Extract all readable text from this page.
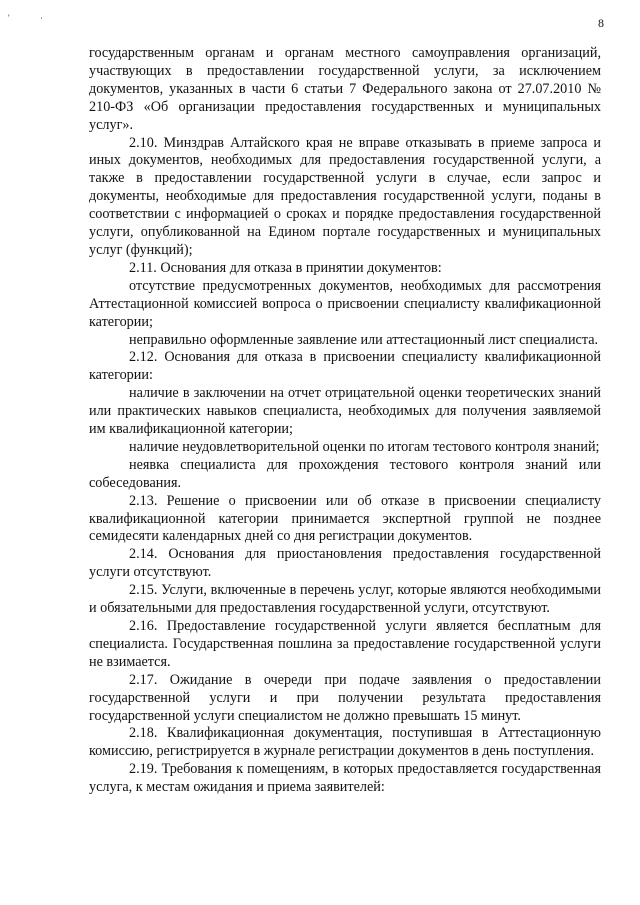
'	·	8

государственным органам и органам местного самоуправления организаций, участвующих в предоставлении государственной услуги, за исключением документов, указанных в части 6 статьи 7 Федерального закона от 27.07.2010 № 210-ФЗ «Об организации предоставления государственных и муниципальных услуг».

2.10. Минздрав Алтайского края не вправе отказывать в приеме запроса и иных документов, необходимых для предоставления государственной услуги, а также в предоставлении государственной услуги в случае, если запрос и документы, необходимые для предоставления государственной услуги, поданы в соответствии с информацией о сроках и порядке предоставления государственной услуги, опубликованной на Едином портале государственных и муниципальных услуг (функций);

2.11. Основания для отказа в принятии документов:

отсутствие предусмотренных документов, необходимых для рассмотрения Аттестационной комиссией вопроса о присвоении специалисту квалификационной категории;

неправильно оформленные заявление или аттестационный лист специалиста.

2.12. Основания для отказа в присвоении специалисту квалификационной категории:

наличие в заключении на отчет отрицательной оценки теоретических знаний или практических навыков специалиста, необходимых для получения заявляемой им квалификационной категории;

наличие неудовлетворительной оценки по итогам тестового контроля знаний;

неявка специалиста для прохождения тестового контроля знаний или собеседования.

2.13. Решение о присвоении или об отказе в присвоении специалисту квалификационной категории принимается экспертной группой не позднее семидесяти календарных дней со дня регистрации документов.

2.14. Основания для приостановления предоставления государственной услуги отсутствуют.

2.15. Услуги, включенные в перечень услуг, которые являются необходимыми и обязательными для предоставления государственной услуги, отсутствуют.

2.16. Предоставление государственной услуги является бесплатным для специалиста. Государственная пошлина за предоставление государственной услуги не взимается.

2.17. Ожидание в очереди при подаче заявления о предоставлении государственной услуги и при получении результата предоставления государственной услуги специалистом не должно превышать 15 минут.

2.18. Квалификационная документация, поступившая в Аттестационную комиссию, регистрируется в журнале регистрации документов в день поступления.

2.19. Требования к помещениям, в которых предоставляется государственная услуга, к местам ожидания и приема заявителей:
